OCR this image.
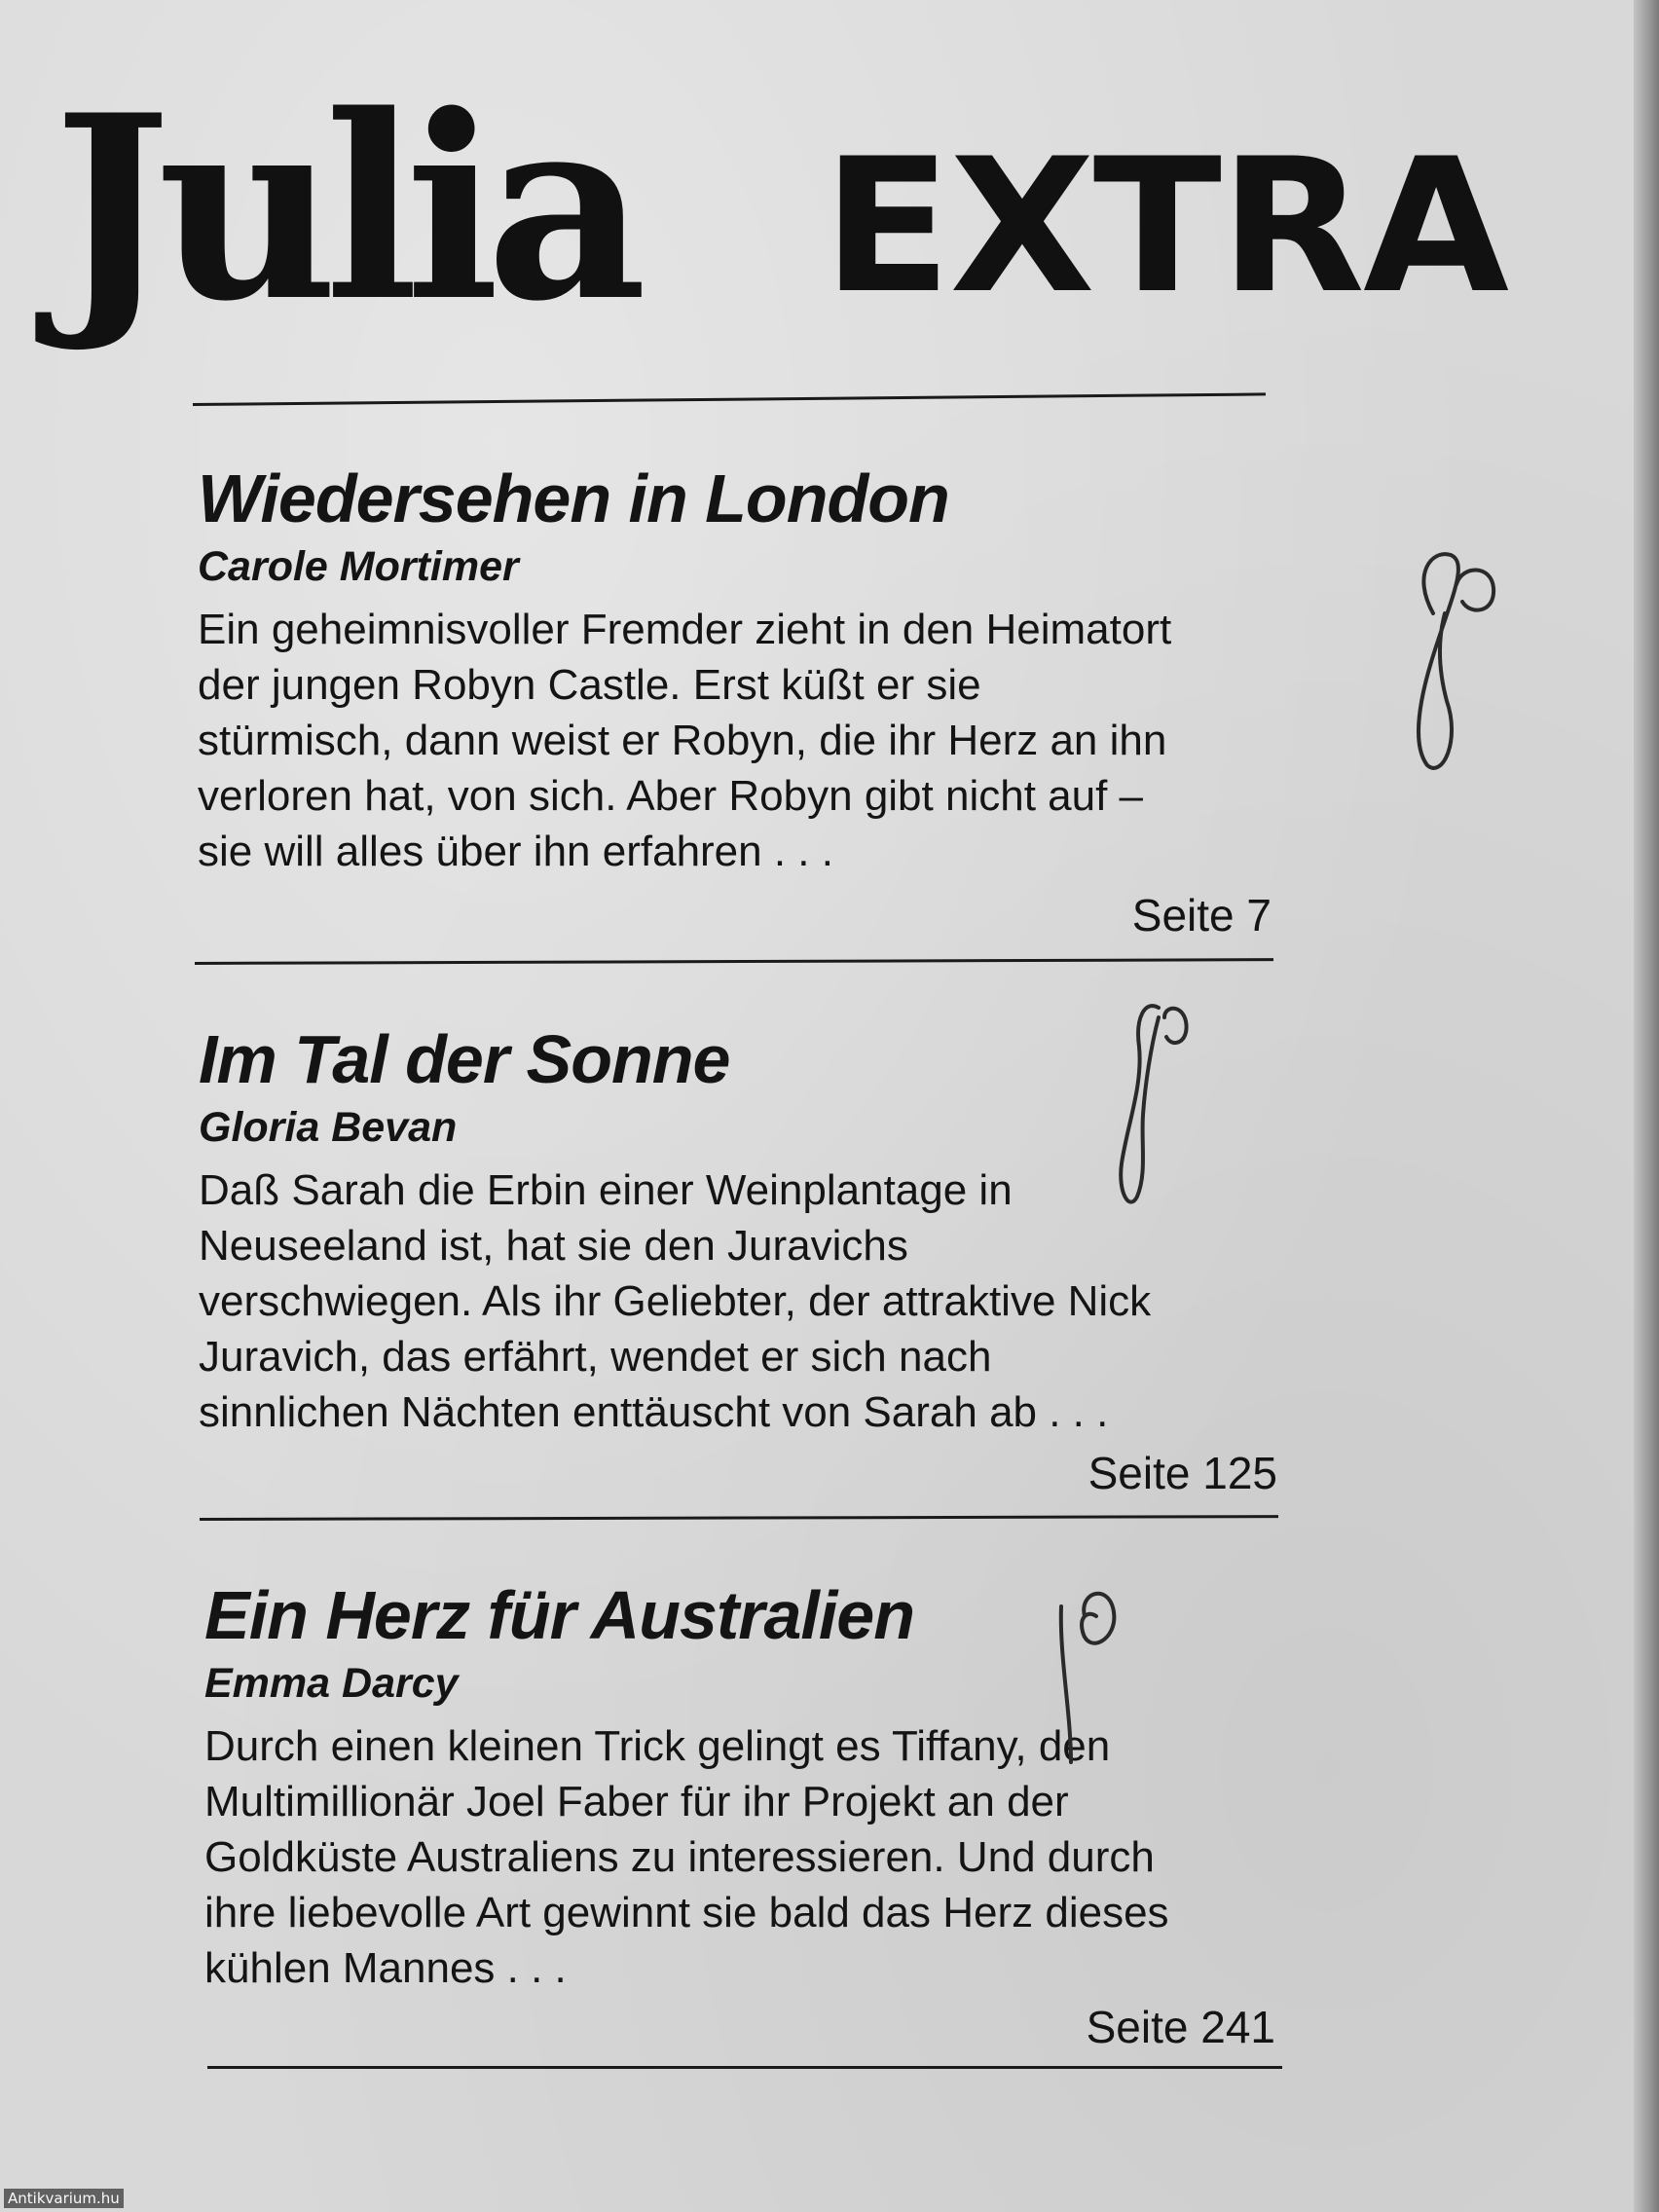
Julia EXTRA
Wiedersehen in London
Carole Mortimer

Ein geheimnisvoller Fremder zieht in den Heimatort
der jungen Robyn Castle. Erst küßt er sie
stürmisch, dann weist er Robyn, die ihr Herz an ihn
verloren hat, von sich. Aber Robyn gibt nicht auf –
sie will alles über ihn erfahren . . .

Seite 7
Im Tal der Sonne
Gloria Bevan

Daß Sarah die Erbin einer Weinplantage in
Neuseeland ist, hat sie den Juravichs
verschwiegen. Als ihr Geliebter, der attraktive Nick
Juravich, das erfährt, wendet er sich nach
sinnlichen Nächten enttäuscht von Sarah ab . . .

Seite 125
Ein Herz für Australien
Emma Darcy

Durch einen kleinen Trick gelingt es Tiffany, den
Multimillionär Joel Faber für ihr Projekt an der
Goldküste Australiens zu interessieren. Und durch
ihre liebevolle Art gewinnt sie bald das Herz dieses
kühlen Mannes . . .

Seite 241
Antikvarium.hu
